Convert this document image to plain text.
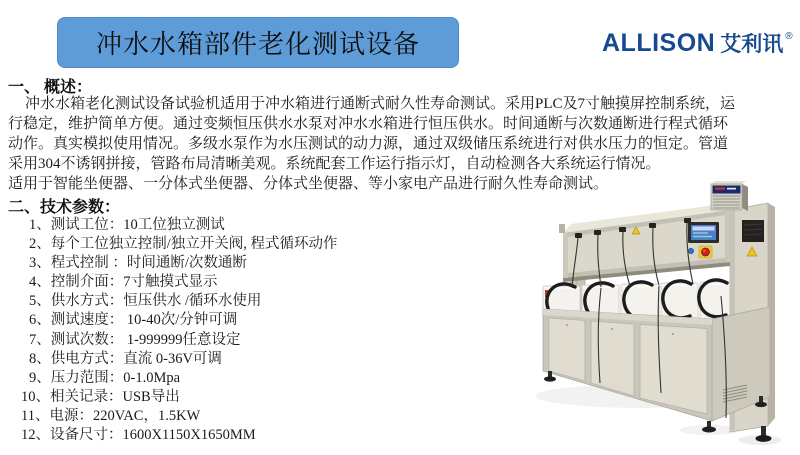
冲水水箱部件老化测试设备	ALLISON 艾利讯 ®
一、 概述：
冲水水箱老化测试设备试验机适用于冲水箱进行通断式耐久性寿命测试。采用PLC及7寸触摸屏控制系统，运
行稳定，维护简单方便。通过变频恒压供水水泵对冲水水箱进行恒压供水。时间通断与次数通断进行程式循环
动作。真实模拟使用情况。多级水泵作为水压测试的动力源，通过双级储压系统进行对供水压力的恒定。管道
采用304不诱钢拼接，管路布局清晰美观。系统配套工作运行指示灯，自动检测各大系统运行情况。
适用于智能坐便器、一分体式坐便器、分体式坐便器、等小家电产品进行耐久性寿命测试。
二、技术参数：
1、测试工位：10工位独立测试
2、每个工位独立控制/独立开关阀, 程式循环动作
3、程式控制 ：时间通断/次数通断
4、控制介面：7寸触摸式显示
5、供水方式：恒压供水 /循环水使用
6、测试速度： 10-40次/分钟可调
7、测试次数： 1-999999任意设定
8、供电方式：直流 0-36V可调
9、压力范围：0-1.0Mpa
10、相关记录：USB导出
11、电源：220VAC，1.5KW
12、设备尺寸：1600X1150X1650MM
